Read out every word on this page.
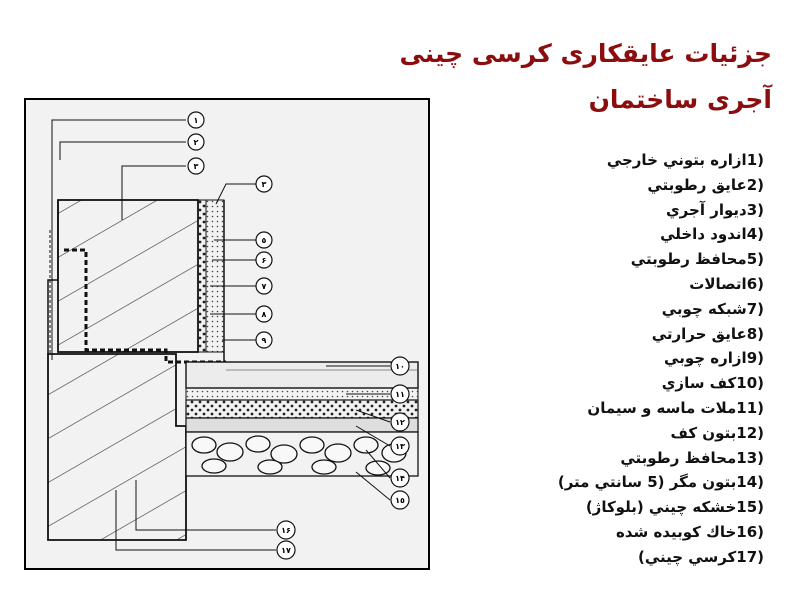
جزئیات عایقکاری کرسی چینی
آجری ساختمان
(1ازاره بتوني خارجي
(2عايق رطوبتي
(3ديوار آجري
(4اندود داخلي
(5محافظ رطوبتي
(6اتصالات
(7شبكه چوبي
(8عايق حرارتي
(9ازاره چوبي
(10كف سازي
(11ملات ماسه و سيمان
(12بتون كف
(13محافظ رطوبتي
(14بتون مگر (5 سانتي متر)
(15خشكه چيني (بلوكاژ)
(16خاك كوبيده شده
(17كرسي چيني)
١
٢
٣
٣
٥
۶
٧
٨
٩
١٠
١١
١٢
١٣
١۴
١٥
١۶
١٧
